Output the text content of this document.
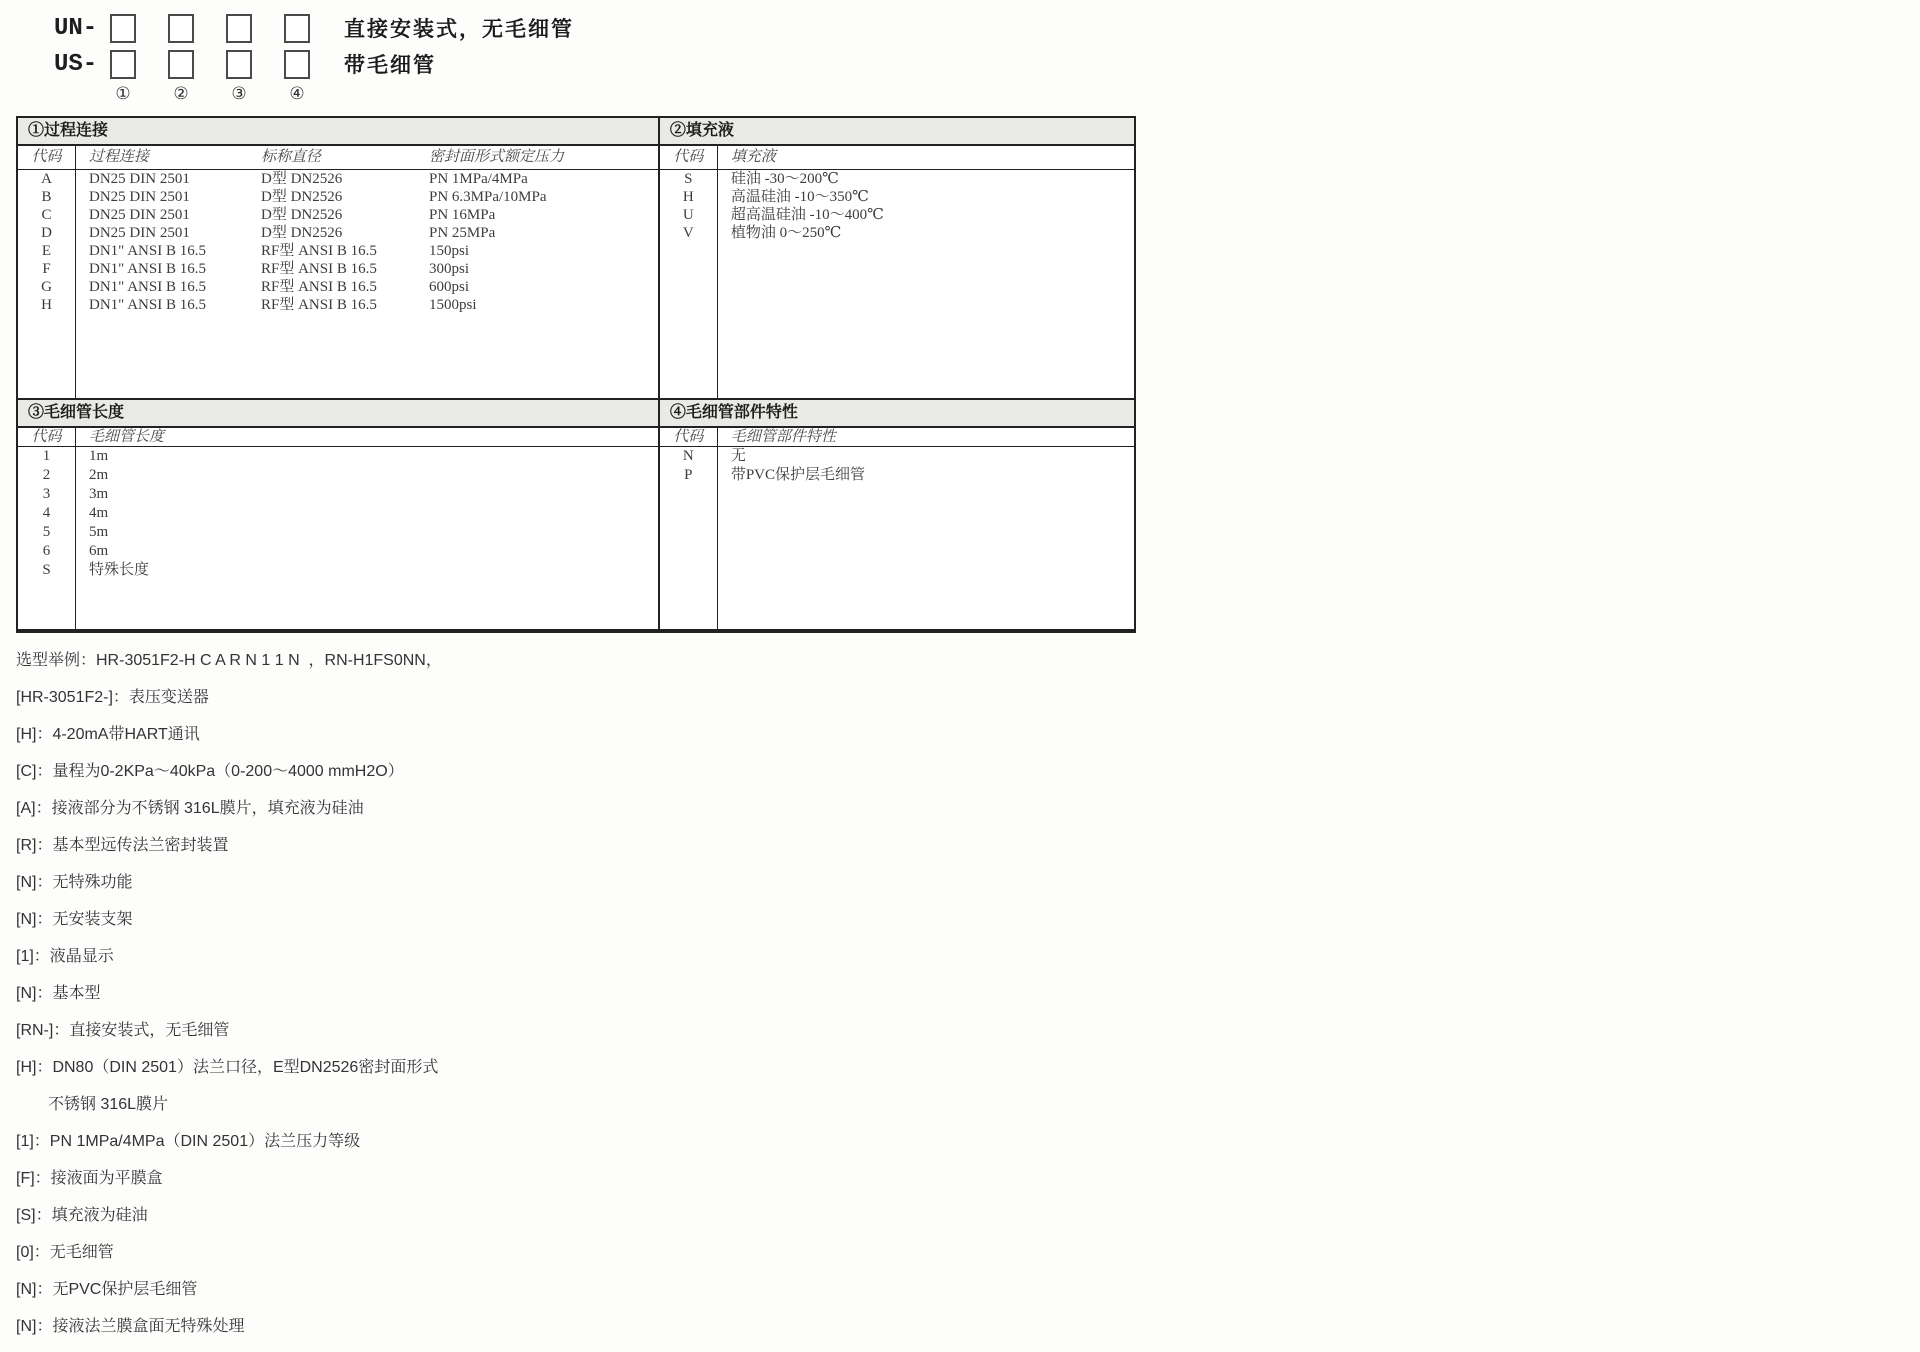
UN-	直接安装式，无毛细管
US-	带毛细管
①	②	③	④
①过程连接	②填充液
代码	过程连接	标称直径	密封面形式额定压力
A	DN25 DIN 2501	D型 DN2526	PN 1MPa/4MPa
B	DN25 DIN 2501	D型 DN2526	PN 6.3MPa/10MPa
C	DN25 DIN 2501	D型 DN2526	PN 16MPa
D	DN25 DIN 2501	D型 DN2526	PN 25MPa
E	DN1" ANSI B 16.5	RF型 ANSI B 16.5	150psi
F	DN1" ANSI B 16.5	RF型 ANSI B 16.5	300psi
G	DN1" ANSI B 16.5	RF型 ANSI B 16.5	600psi
H	DN1" ANSI B 16.5	RF型 ANSI B 16.5	1500psi
代码	填充液
S	硅油 -30～200℃
H	高温硅油 -10～350℃
U	超高温硅油 -10～400℃
V	植物油 0～250℃
③毛细管长度	④毛细管部件特性
代码	毛细管长度
1	1m
2	2m
3	3m
4	4m
5	5m
6	6m
S	特殊长度
代码	毛细管部件特性
N	无
P	带PVC保护层毛细管
选型举例：HR-3051F2-H C A R N 1 1 N  ，RN-H1FS0NN，
[HR-3051F2-]：表压变送器
[H]：4-20mA带HART通讯
[C]：量程为0-2KPa～40kPa（0-200～4000 mmH2O）
[A]：接液部分为不锈钢 316L膜片，填充液为硅油
[R]：基本型远传法兰密封装置
[N]：无特殊功能
[N]：无安装支架
[1]：液晶显示
[N]：基本型
[RN-]：直接安装式，无毛细管
[H]：DN80（DIN 2501）法兰口径，E型DN2526密封面形式
　　不锈钢 316L膜片
[1]：PN 1MPa/4MPa（DIN 2501）法兰压力等级
[F]：接液面为平膜盒
[S]：填充液为硅油
[0]：无毛细管
[N]：无PVC保护层毛细管
[N]：接液法兰膜盒面无特殊处理
